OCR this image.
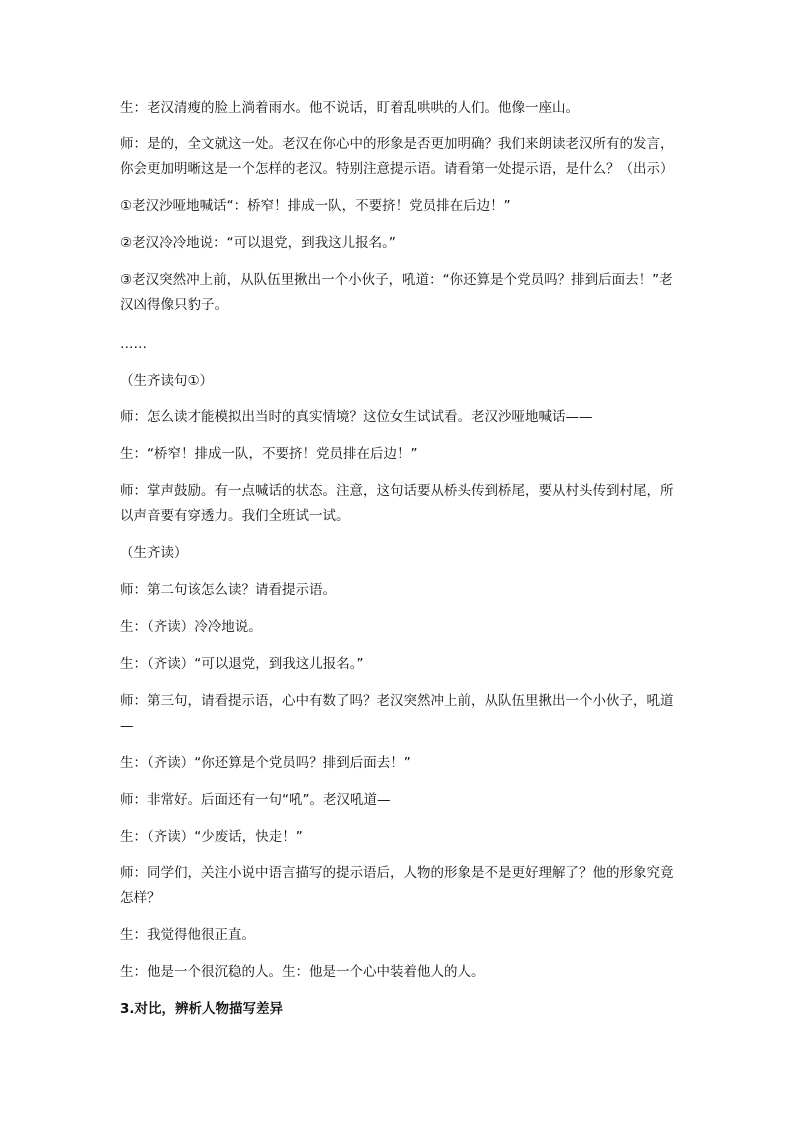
生：老汉清瘦的脸上淌着雨水。他不说话，盯着乱哄哄的人们。他像一座山。
师：是的，全文就这一处。老汉在你心中的形象是否更加明确？我们来朗读老汉所有的发言，你会更加明晰这是一个怎样的老汉。特别注意提示语。请看第一处提示语，是什么？（出示）
①老汉沙哑地喊话“：桥窄！排成一队，不要挤！党员排在后边！”
②老汉冷冷地说：“可以退党，到我这儿报名。”
③老汉突然冲上前，从队伍里揪出一个小伙子，吼道：“你还算是个党员吗？排到后面去！”老汉凶得像只豹子。
……
（生齐读句①）
师：怎么读才能模拟出当时的真实情境？这位女生试试看。老汉沙哑地喊话——
生：“桥窄！排成一队，不要挤！党员排在后边！”
师：掌声鼓励。有一点喊话的状态。注意，这句话要从桥头传到桥尾，要从村头传到村尾，所以声音要有穿透力。我们全班试一试。
（生齐读）
师：第二句该怎么读？请看提示语。
生：（齐读）冷冷地说。
生：（齐读）“可以退党，到我这儿报名。”
师：第三句，请看提示语，心中有数了吗？老汉突然冲上前，从队伍里揪出一个小伙子，吼道—
生：（齐读）“你还算是个党员吗？排到后面去！”
师：非常好。后面还有一句“吼”。老汉吼道—
生：（齐读）“少废话，快走！”
师：同学们，关注小说中语言描写的提示语后，人物的形象是不是更好理解了？他的形象究竟怎样？
生：我觉得他很正直。
生：他是一个很沉稳的人。生：他是一个心中装着他人的人。
3.对比，辨析人物描写差异
